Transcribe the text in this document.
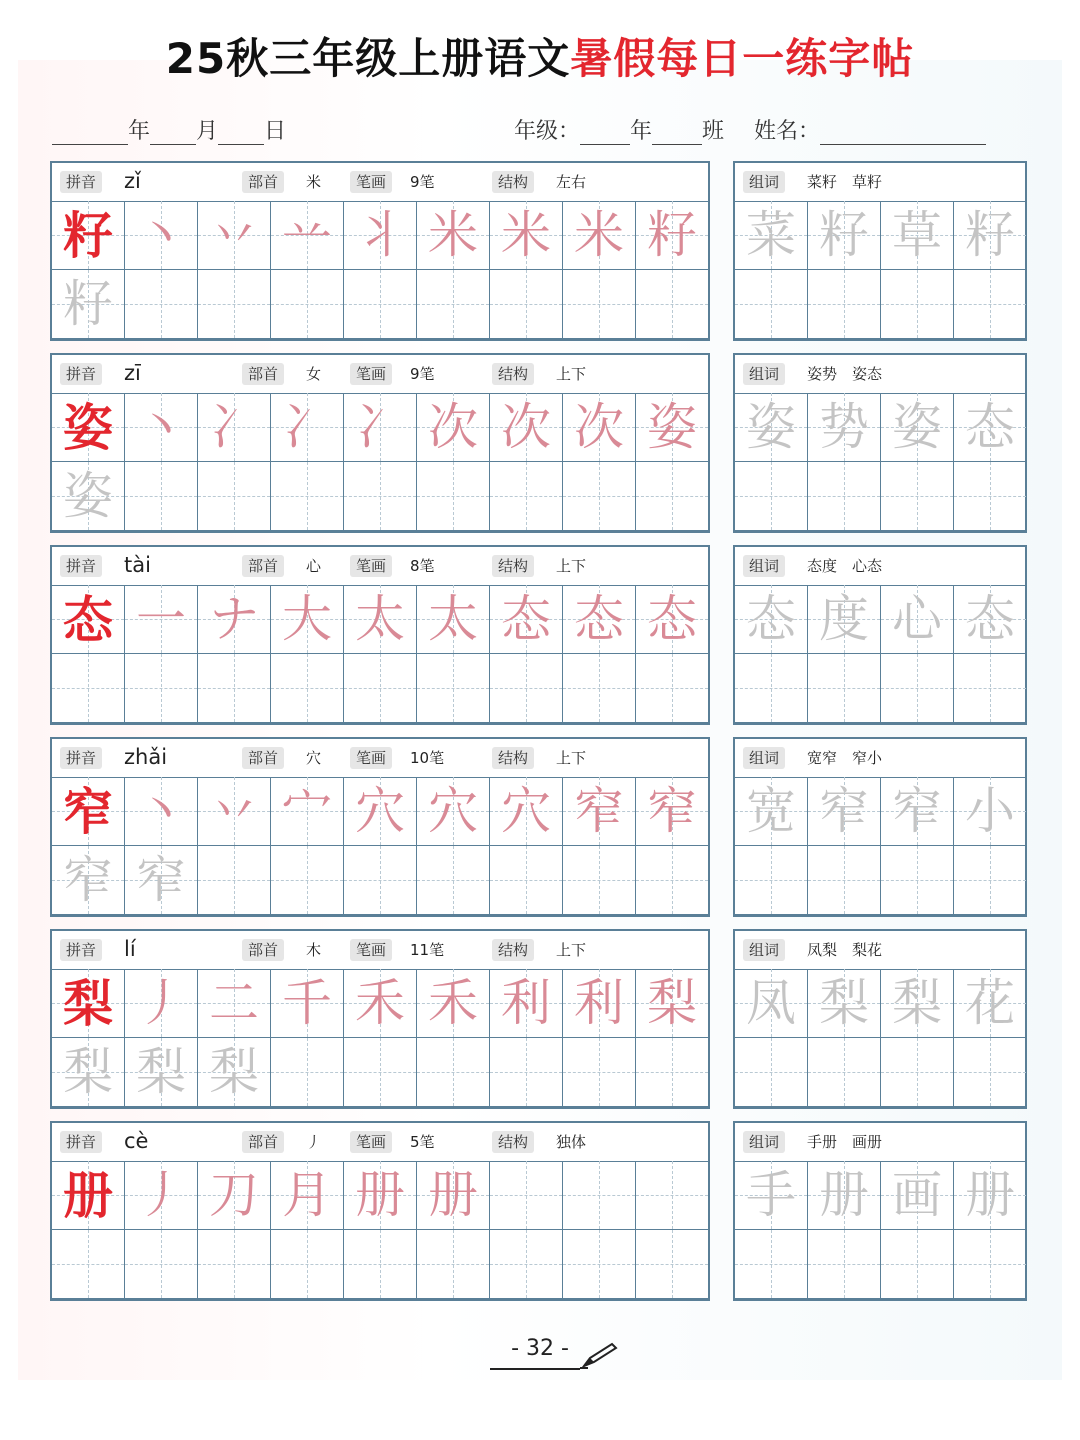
25秋三年级上册语文暑假每日一练字帖
年 月 日	年级： 年 班 姓名：
拼音 zǐ	部首	米	笔画	9笔	结构	左右
籽 丶 丷 䒑 丬 米 米 米 籽
籽
组词	菜籽　草籽
菜 籽 草 籽
拼音 zī	部首	女	笔画	9笔	结构	上下
姿 丶 冫 冫 冫 次 次 次 姿
姿
组词	姿势　姿态
姿 势 姿 态
拼音 tài	部首	心	笔画	8笔	结构	上下
态 一 ナ 大 太 太 态 态 态
组词	态度　心态
态 度 心 态
拼音 zhǎi	部首	穴	笔画	10笔	结构	上下
窄 丶 丷 宀 穴 穴 穴 窄 窄
窄 窄
组词	宽窄　窄小
宽 窄 窄 小
拼音 lí	部首	木	笔画	11笔	结构	上下
梨 丿 二 千 禾 禾 利 利 梨
梨 梨 梨
组词	凤梨　梨花
凤 梨 梨 花
拼音 cè	部首	丿	笔画	5笔	结构	独体
册 丿 刀 月 册 册
组词	手册　画册
手 册 画 册
- 32 -
